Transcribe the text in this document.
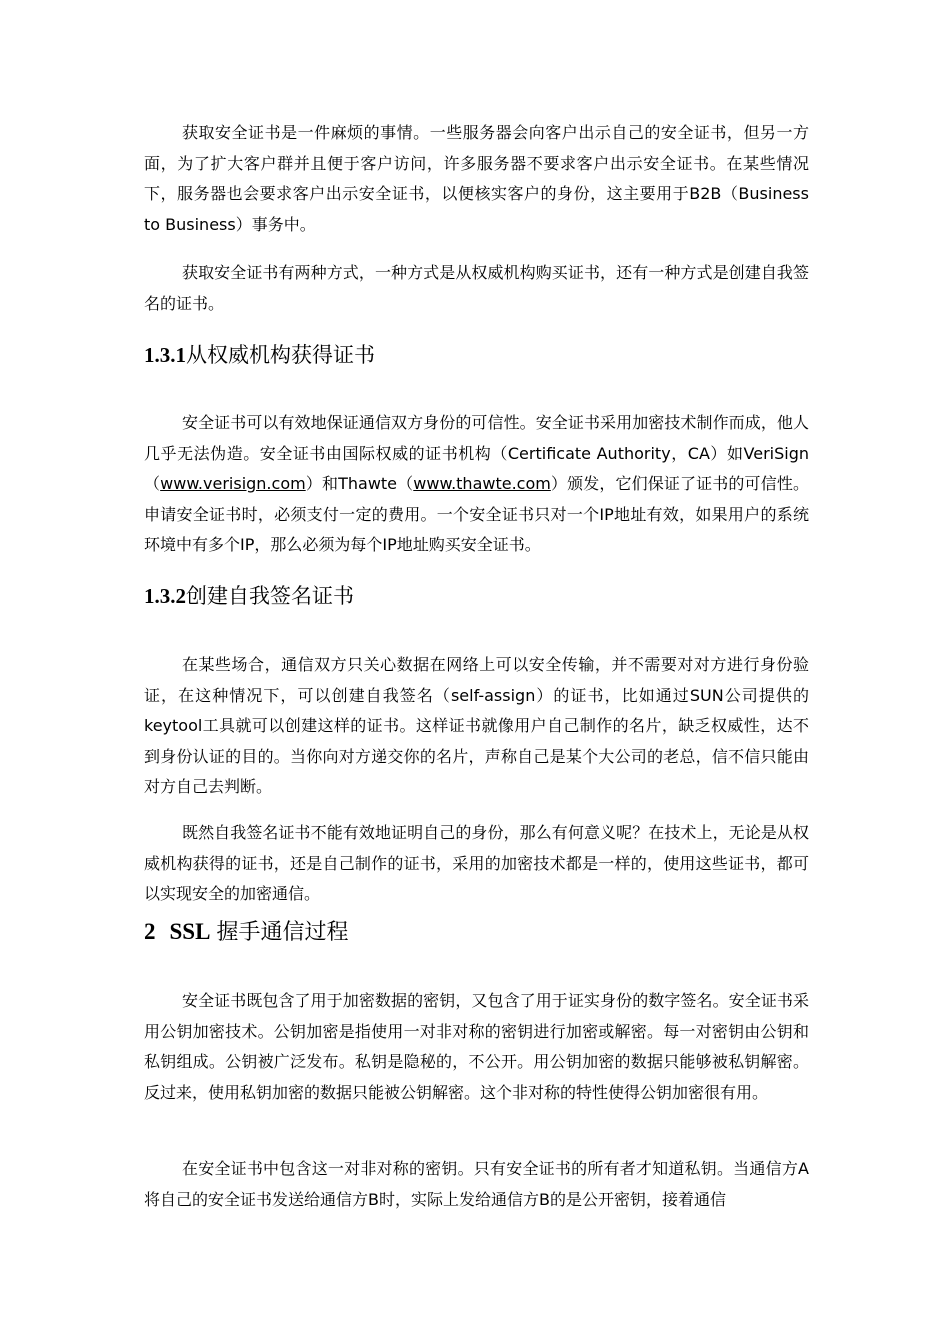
获取安全证书是一件麻烦的事情。一些服务器会向客户出示自己的安全证书，但另一方面，为了扩大客户群并且便于客户访问，许多服务器不要求客户出示安全证书。在某些情况下，服务器也会要求客户出示安全证书，以便核实客户的身份，这主要用于B2B（Business to Business）事务中。

获取安全证书有两种方式，一种方式是从权威机构购买证书，还有一种方式是创建自我签名的证书。

1.3.1从权威机构获得证书

安全证书可以有效地保证通信双方身份的可信性。安全证书采用加密技术制作而成，他人几乎无法伪造。安全证书由国际权威的证书机构（Certificate Authority，CA）如VeriSign（www.verisign.com）和Thawte（www.thawte.com）颁发，它们保证了证书的可信性。申请安全证书时，必须支付一定的费用。一个安全证书只对一个IP地址有效，如果用户的系统环境中有多个IP，那么必须为每个IP地址购买安全证书。

1.3.2创建自我签名证书

在某些场合，通信双方只关心数据在网络上可以安全传输，并不需要对对方进行身份验证，在这种情况下，可以创建自我签名（self-assign）的证书，比如通过SUN公司提供的keytool工具就可以创建这样的证书。这样证书就像用户自己制作的名片，缺乏权威性，达不到身份认证的目的。当你向对方递交你的名片，声称自己是某个大公司的老总，信不信只能由对方自己去判断。

既然自我签名证书不能有效地证明自己的身份，那么有何意义呢？在技术上，无论是从权威机构获得的证书，还是自己制作的证书，采用的加密技术都是一样的，使用这些证书，都可以实现安全的加密通信。

2 SSL 握手通信过程

安全证书既包含了用于加密数据的密钥，又包含了用于证实身份的数字签名。安全证书采用公钥加密技术。公钥加密是指使用一对非对称的密钥进行加密或解密。每一对密钥由公钥和私钥组成。公钥被广泛发布。私钥是隐秘的，不公开。用公钥加密的数据只能够被私钥解密。反过来，使用私钥加密的数据只能被公钥解密。这个非对称的特性使得公钥加密很有用。

在安全证书中包含这一对非对称的密钥。只有安全证书的所有者才知道私钥。当通信方A将自己的安全证书发送给通信方B时，实际上发给通信方B的是公开密钥，接着通信
